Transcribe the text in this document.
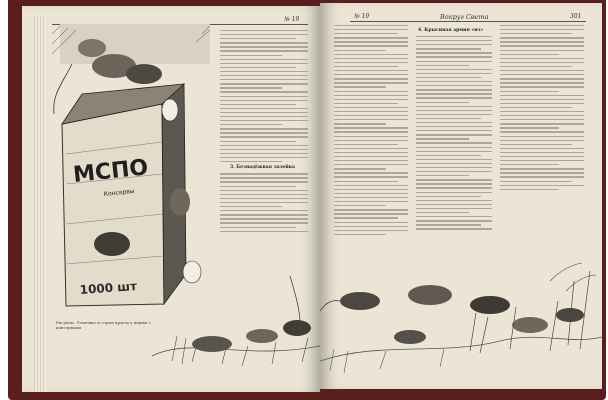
№ 19
МСПО
Консервы
1000 шт
Рисунок: Лемешко и серые крысы у ящика с консервами
3. Безнадёжная лазейка
№ 19	Вокруг Света	301
4. Крысиная армия «из»
